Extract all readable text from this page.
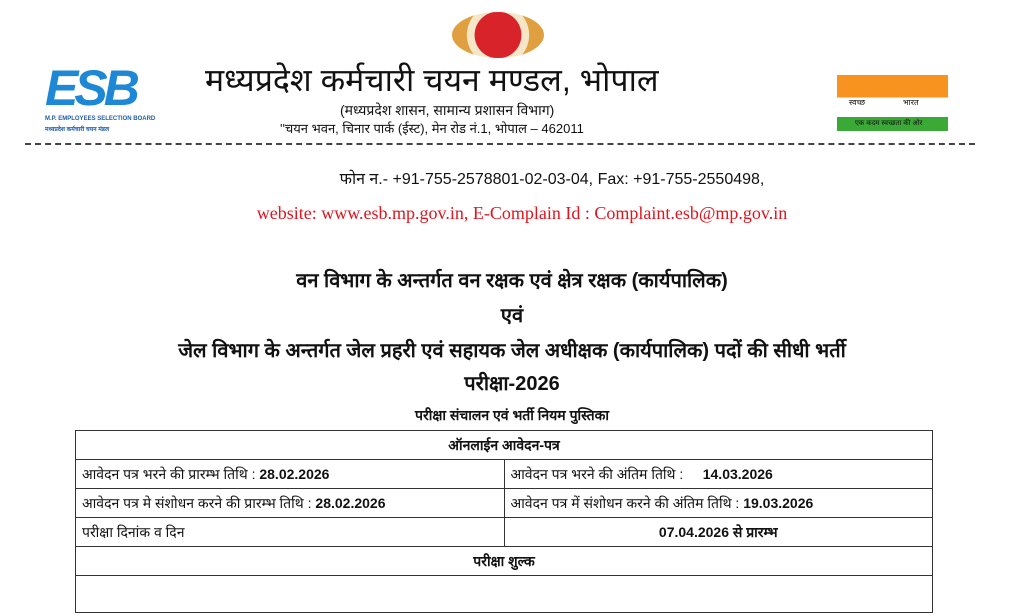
ESB
M.P. EMPLOYEES SELECTION BOARD
मध्यप्रदेश कर्मचारी चयन मंडल
मध्यप्रदेश कर्मचारी चयन मण्डल, भोपाल
(मध्यप्रदेश शासन, सामान्य प्रशासन विभाग)
''चयन भवन, चिनार पार्क (ईस्ट), मेन रोड नं.1, भोपाल – 462011
स्वच्छ	भारत
एक कदम स्वच्छता की ओर
फोन न.- +91-755-2578801-02-03-04, Fax: +91-755-2550498,
website: www.esb.mp.gov.in, E-Complain Id : Complaint.esb@mp.gov.in
वन विभाग के अन्तर्गत वन रक्षक एवं क्षेत्र रक्षक (कार्यपालिक)
एवं
जेल विभाग के अन्तर्गत जेल प्रहरी एवं सहायक जेल अधीक्षक (कार्यपालिक) पदों की सीधी भर्ती
परीक्षा-2026
परीक्षा संचालन एवं भर्ती नियम पुस्तिका
ऑनलाईन आवेदन-पत्र	
आवेदन पत्र भरने की प्रारम्भ तिथि : 28.02.2026	आवेदन पत्र भरने की अंतिम तिथि : 14.03.2026
आवेदन पत्र मे संशोधन करने की प्रारम्भ तिथि : 28.02.2026	आवेदन पत्र में संशोधन करने की अंतिम तिथि : 19.03.2026
परीक्षा दिनांक व दिन	07.04.2026 से प्रारम्भ
परीक्षा शुल्क	
